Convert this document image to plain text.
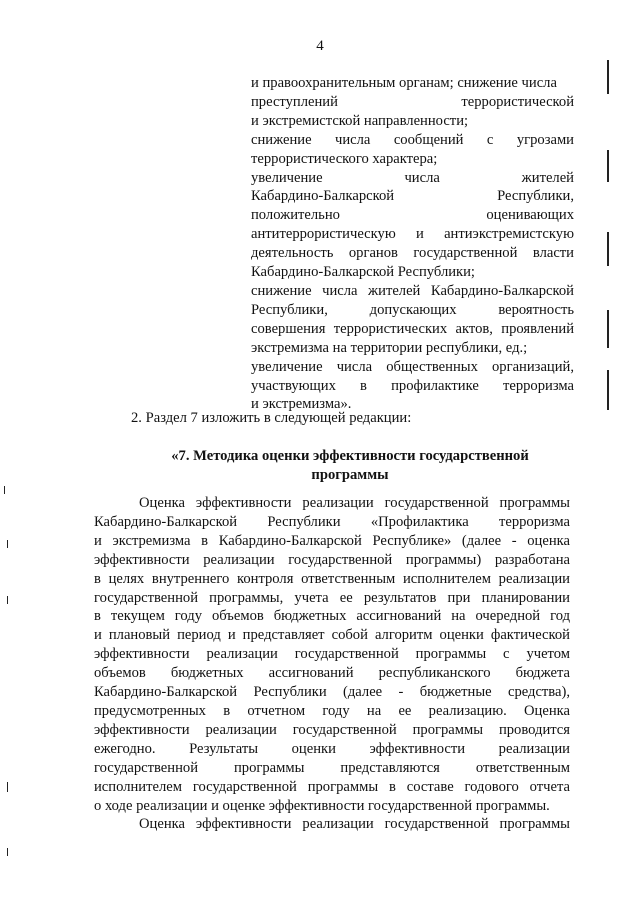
4
и правоохранительным органам; снижение числа
преступлений террористической
и экстремистской направленности;
снижение числа сообщений с угрозами
террористического характера;
увеличение числа жителей
Кабардино-Балкарской Республики,
положительно оценивающих
антитеррористическую и антиэкстремистскую
деятельность органов государственной власти
Кабардино-Балкарской Республики;
снижение числа жителей Кабардино-Балкарской
Республики, допускающих вероятность
совершения террористических актов, проявлений
экстремизма на территории республики, ед.;
увеличение числа общественных организаций,
участвующих в профилактике терроризма
и экстремизма».
2. Раздел 7 изложить в следующей редакции:
«7. Методика оценки эффективности государственной
программы
Оценка эффективности реализации государственной программы
Кабардино-Балкарской Республики «Профилактика терроризма
и экстремизма в Кабардино-Балкарской Республике» (далее - оценка
эффективности реализации государственной программы) разработана
в целях внутреннего контроля ответственным исполнителем реализации
государственной программы, учета ее результатов при планировании
в текущем году объемов бюджетных ассигнований на очередной год
и плановый период и представляет собой алгоритм оценки фактической
эффективности реализации государственной программы с учетом
объемов бюджетных ассигнований республиканского бюджета
Кабардино-Балкарской Республики (далее - бюджетные средства),
предусмотренных в отчетном году на ее реализацию. Оценка
эффективности реализации государственной программы проводится
ежегодно. Результаты оценки эффективности реализации
государственной программы представляются ответственным
исполнителем государственной программы в составе годового отчета
о ходе реализации и оценке эффективности государственной программы.
Оценка эффективности реализации государственной программы
